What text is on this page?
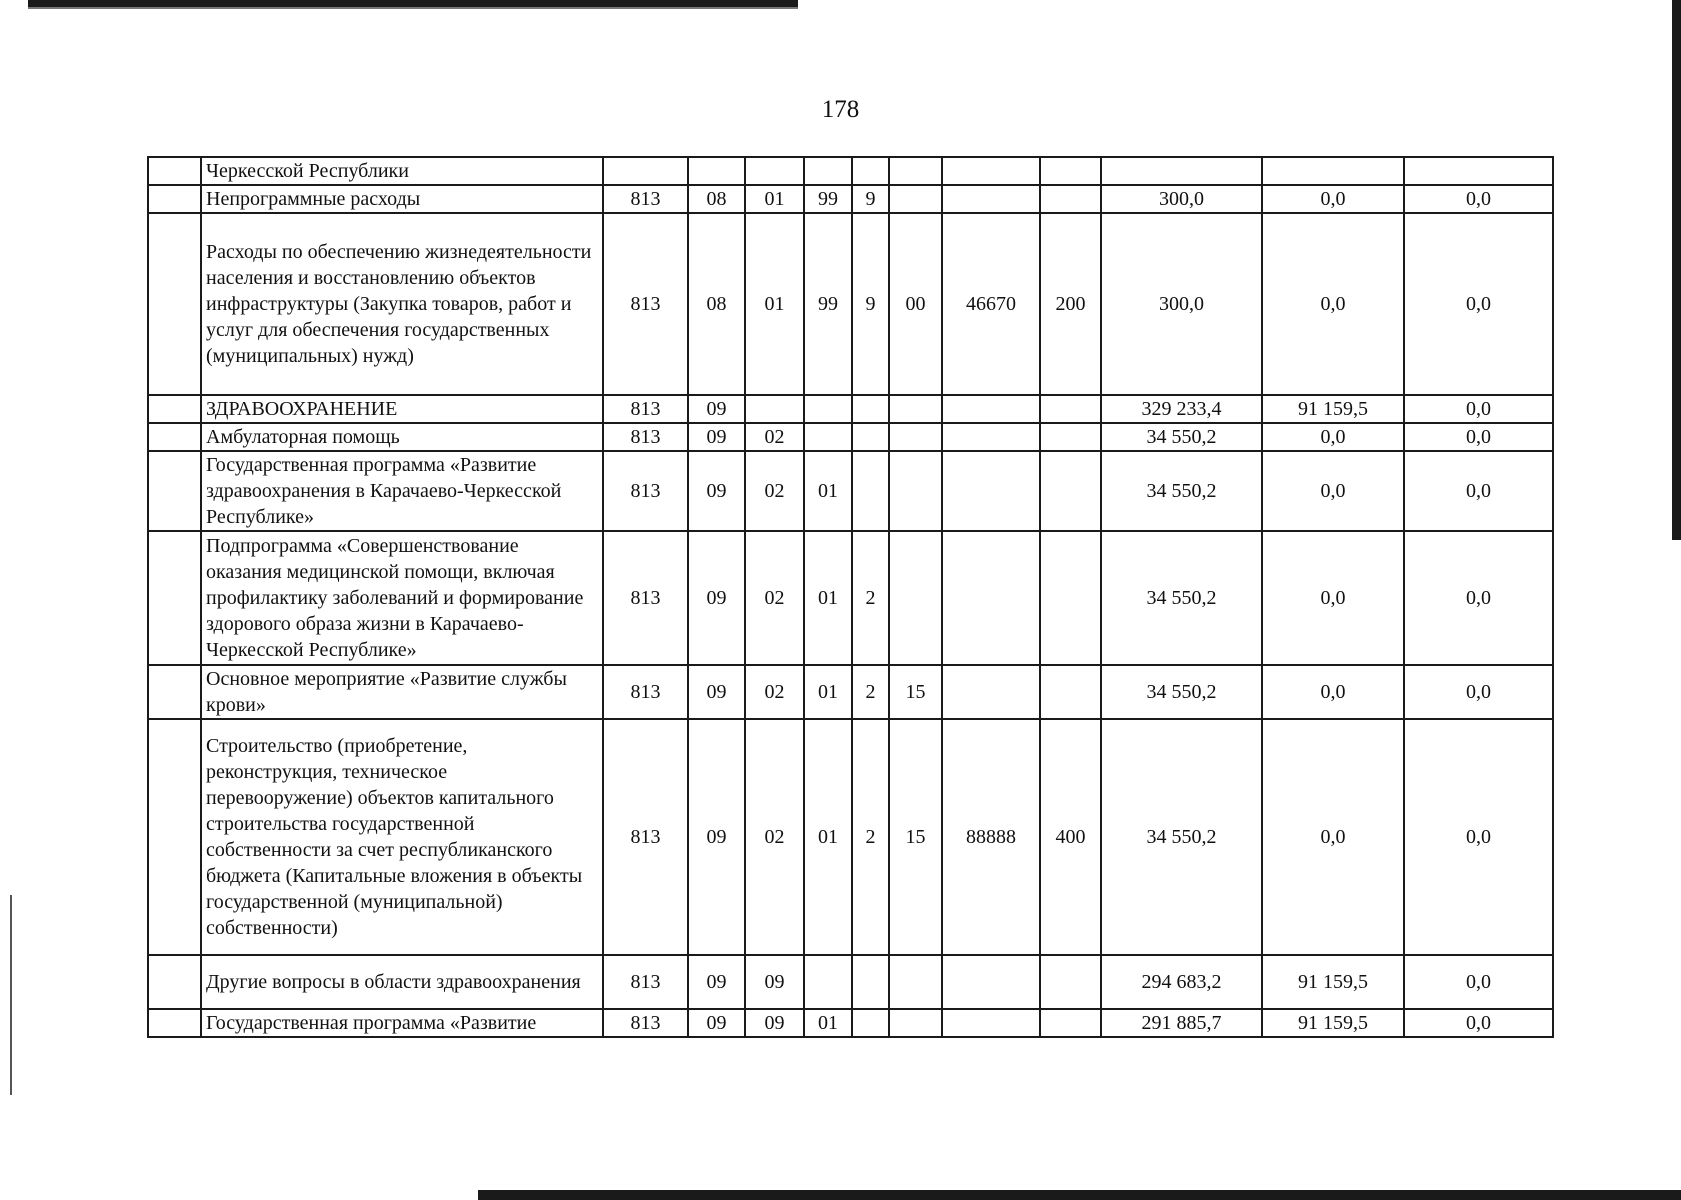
178
	Черкесской Республики											
	Непрограммные расходы	813	08	01	99	9				300,0	0,0	0,0
	Расходы по обеспечению жизнедеятельности населения и восстановлению объектов инфраструктуры (Закупка товаров, работ и услуг для обеспечения государственных (муниципальных) нужд)	813	08	01	99	9	00	46670	200	300,0	0,0	0,0
	ЗДРАВООХРАНЕНИЕ	813	09							329 233,4	91 159,5	0,0
	Амбулаторная помощь	813	09	02						34 550,2	0,0	0,0
	Государственная программа «Развитие здравоохранения в Карачаево-Черкесской Республике»	813	09	02	01					34 550,2	0,0	0,0
	Подпрограмма «Совершенствование оказания медицинской помощи, включая профилактику заболеваний и формирование здорового образа жизни в Карачаево-Черкесской Республике»	813	09	02	01	2				34 550,2	0,0	0,0
	Основное мероприятие «Развитие службы крови»	813	09	02	01	2	15			34 550,2	0,0	0,0
	Строительство (приобретение, реконструкция, техническое перевооружение) объектов капитального строительства государственной собственности за счет республиканского бюджета (Капитальные вложения в объекты государственной (муниципальной) собственности)	813	09	02	01	2	15	88888	400	34 550,2	0,0	0,0
	Другие вопросы в области здравоохранения	813	09	09						294 683,2	91 159,5	0,0
	Государственная программа «Развитие	813	09	09	01					291 885,7	91 159,5	0,0
